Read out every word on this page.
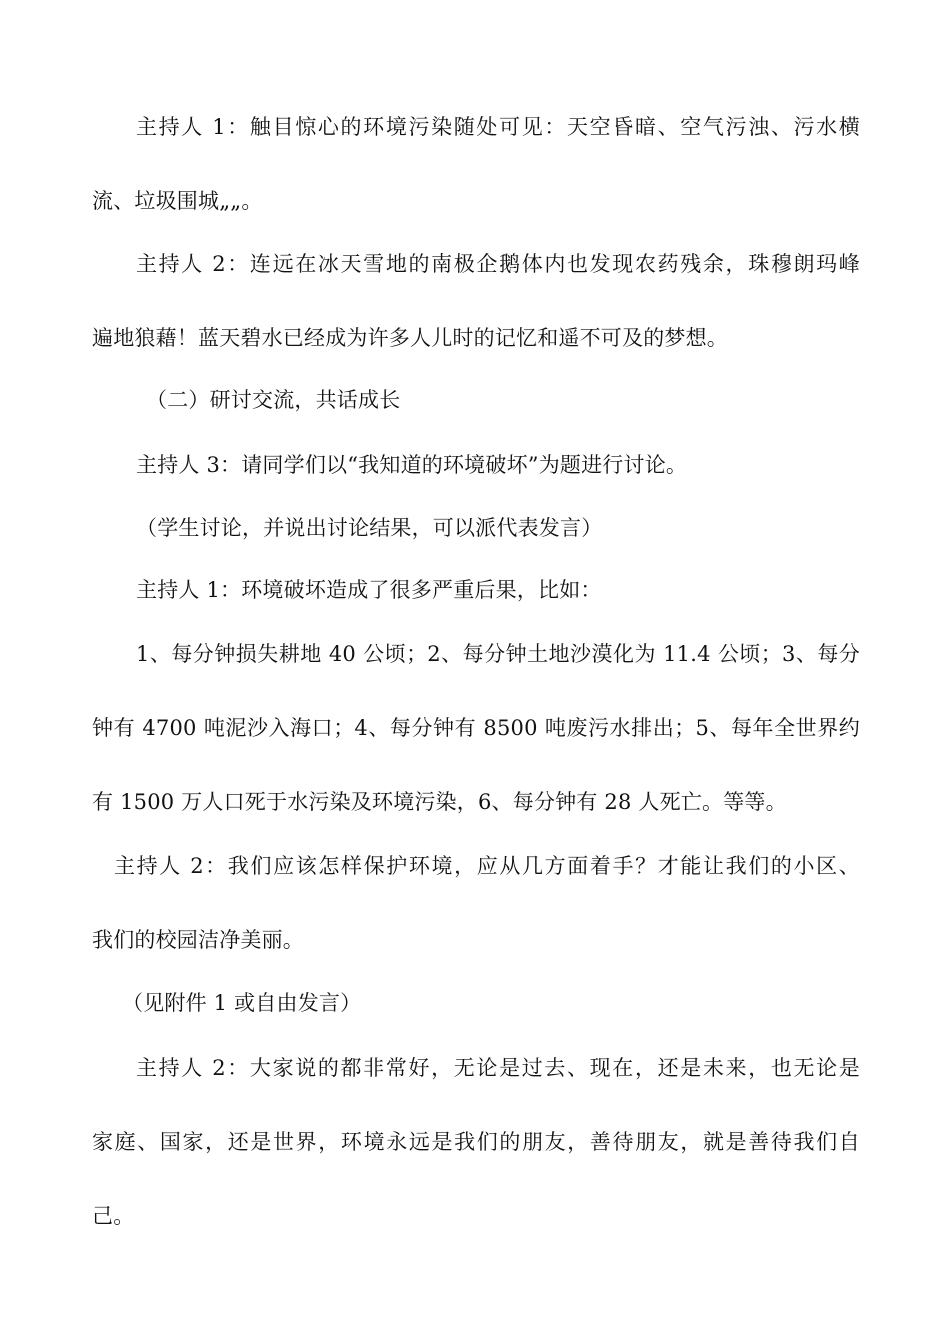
主持人 1：触目惊心的环境污染随处可见：天空昏暗、空气污浊、污水横
流、垃圾围城„„。
主持人 2：连远在冰天雪地的南极企鹅体内也发现农药残余，珠穆朗玛峰
遍地狼藉！蓝天碧水已经成为许多人儿时的记忆和遥不可及的梦想。
（二）研讨交流，共话成长
主持人 3：请同学们以“我知道的环境破坏”为题进行讨论。
（学生讨论，并说出讨论结果，可以派代表发言）
主持人 1：环境破坏造成了很多严重后果，比如：
1、每分钟损失耕地 40 公顷；2、每分钟土地沙漠化为 11.4 公顷；3、每分
钟有 4700 吨泥沙入海口；4、每分钟有 8500 吨废污水排出；5、每年全世界约
有 1500 万人口死于水污染及环境污染，6、每分钟有 28 人死亡。等等。
主持人 2：我们应该怎样保护环境，应从几方面着手？才能让我们的小区、
我们的校园洁净美丽。
（见附件 1 或自由发言）
主持人 2：大家说的都非常好，无论是过去、现在，还是未来，也无论是
家庭、国家，还是世界，环境永远是我们的朋友，善待朋友，就是善待我们自
己。
